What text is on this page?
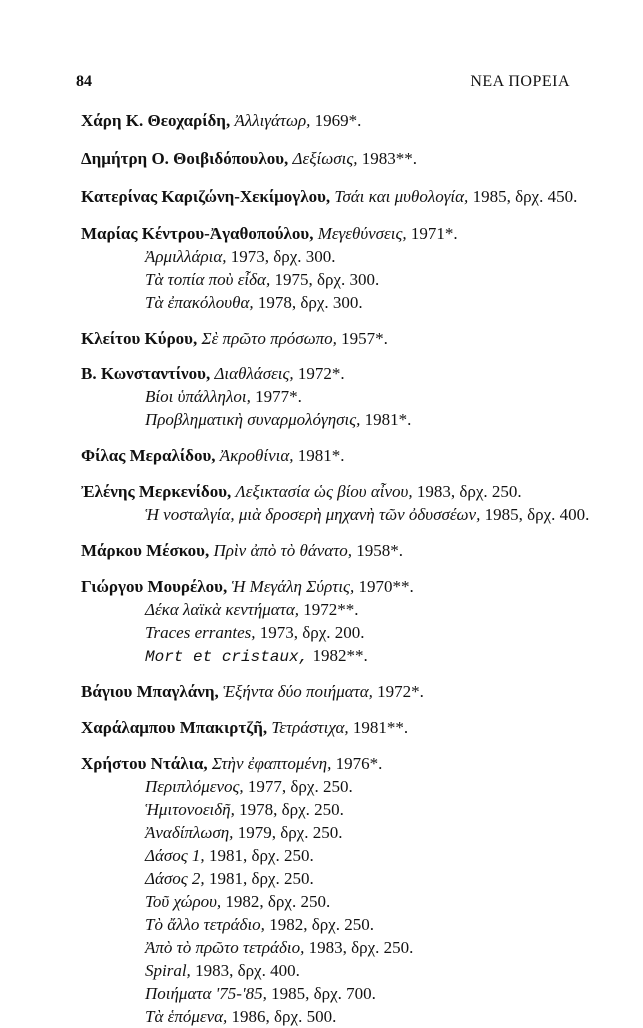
84	ΝΕΑ ΠΟΡΕΙΑ
Χάρη Κ. Θεοχαρίδη, Ἀλλιγάτωρ, 1969*.
Δημήτρη Ο. Θοιβιδόπουλου, Δεξίωσις, 1983**.
Κατερίνας Καριζώνη-Χεκίμογλου, Τσάι και μυθολογία, 1985, δρχ. 450.
Μαρίας Κέντρου-Ἀγαθοπούλου, Μεγεθύνσεις, 1971*.
Ἀρμιλλάρια, 1973, δρχ. 300.
Τὰ τοπία ποὺ εἶδα, 1975, δρχ. 300.
Τὰ ἐπακόλουθα, 1978, δρχ. 300.
Κλείτου Κύρου, Σὲ πρῶτο πρόσωπο, 1957*.
Β. Κωνσταντίνου, Διαθλάσεις, 1972*.
Βίοι ὑπάλληλοι, 1977*.
Προβληματικὴ συναρμολόγησις, 1981*.
Φίλας Μεραλίδου, Ἀκροθίνια, 1981*.
Ἐλένης Μερκενίδου, Λεξικτασία ὡς βίου αἶνου, 1983, δρχ. 250.
Ἡ νοσταλγία, μιὰ δροσερὴ μηχανὴ τῶν ὀδυσσέων, 1985, δρχ. 400.
Μάρκου Μέσκου, Πρὶν ἀπὸ τὸ θάνατο, 1958*.
Γιώργου Μουρέλου, Ἡ Μεγάλη Σύρτις, 1970**.
Δέκα λαϊκὰ κεντήματα, 1972**.
Traces errantes, 1973, δρχ. 200.
Mort et cristaux, 1982**.
Βάγιου Μπαγλάνη, Ἑξήντα δύο ποιήματα, 1972*.
Χαράλαμπου Μπακιρτζῆ, Τετράστιχα, 1981**.
Χρήστου Ντάλια, Στὴν ἐφαπτομένη, 1976*.
Περιπλόμενος, 1977, δρχ. 250.
Ἡμιτονοειδῆ, 1978, δρχ. 250.
Ἀναδίπλωση, 1979, δρχ. 250.
Δάσος 1, 1981, δρχ. 250.
Δάσος 2, 1981, δρχ. 250.
Τοῦ χώρου, 1982, δρχ. 250.
Τὸ ἄλλο τετράδιο, 1982, δρχ. 250.
Ἀπὸ τὸ πρῶτο τετράδιο, 1983, δρχ. 250.
Spiral, 1983, δρχ. 400.
Ποιήματα '75-'85, 1985, δρχ. 700.
Τὰ ἑπόμενα, 1986, δρχ. 500.
